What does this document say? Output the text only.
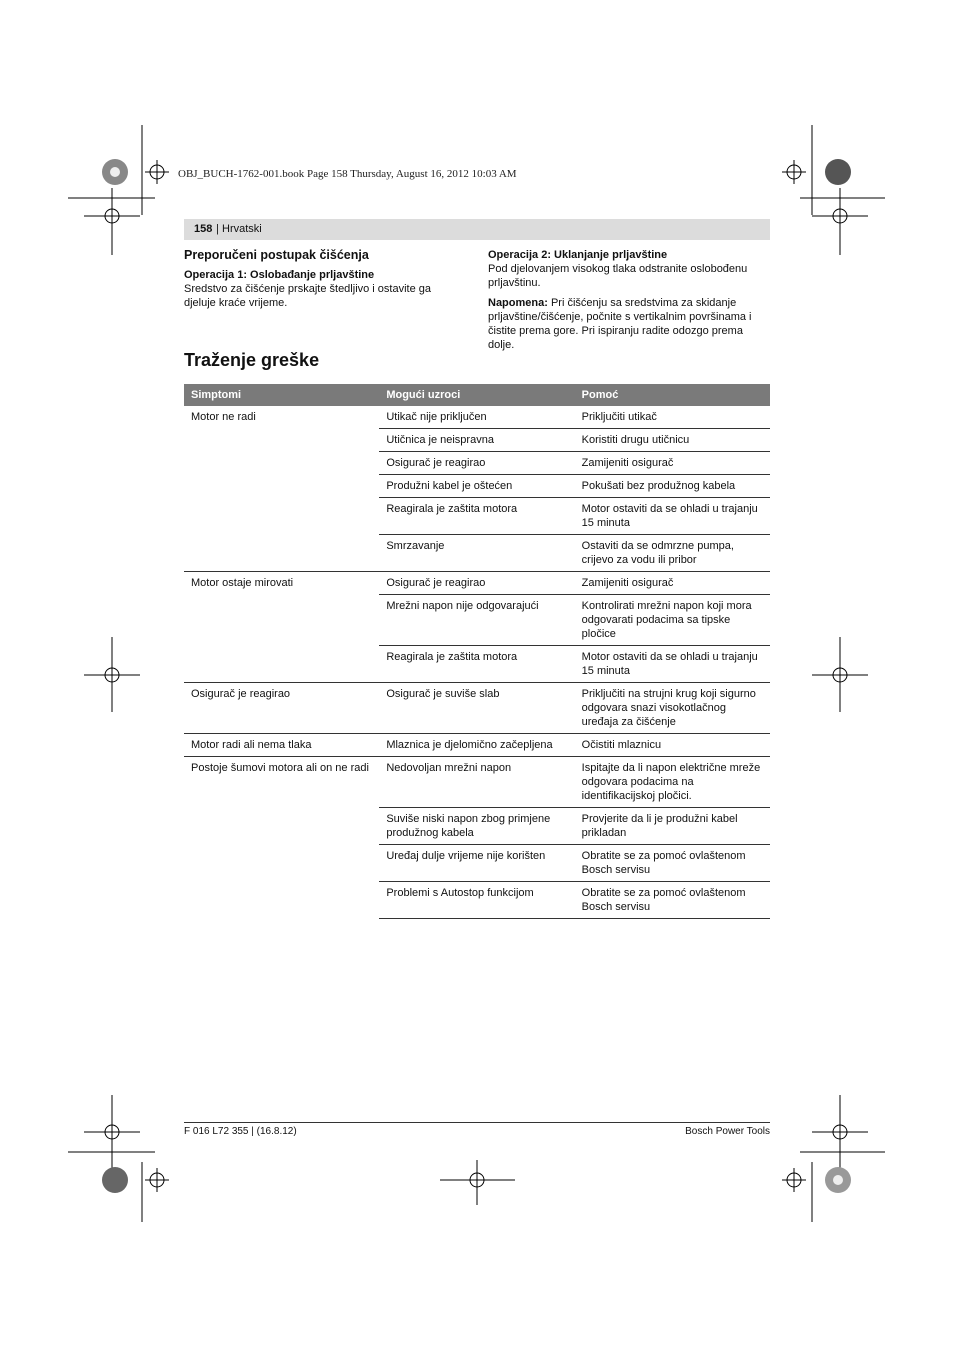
OBJ_BUCH-1762-001.book Page 158 Thursday, August 16, 2012 10:03 AM
158 | Hrvatski
Preporučeni postupak čišćenja
Operacija 1: Oslobađanje prljavštine

Sredstvo za čišćenje prskajte štedljivo i ostavite ga djeluje kraće vrijeme.

Operacija 2: Uklanjanje prljavštine

Pod djelovanjem visokog tlaka odstranite oslobođenu prljavštinu.

Napomena: Pri čišćenju sa sredstvima za skidanje prljavštine/čišćenje, počnite s vertikalnim površinama i čistite prema gore. Pri ispiranju radite odozgo prema dolje.

Traženje greške
Simptomi	Mogući uzroci	Pomoć
Motor ne radi	Utikač nije priključen	Priključiti utikač
	Utičnica je neispravna	Koristiti drugu utičnicu
	Osigurač je reagirao	Zamijeniti osigurač
	Produžni kabel je oštećen	Pokušati bez produžnog kabela
	Reagirala je zaštita motora	Motor ostaviti da se ohladi u trajanju 15 minuta
	Smrzavanje	Ostaviti da se odmrzne pumpa, crijevo za vodu ili pribor
Motor ostaje mirovati	Osigurač je reagirao	Zamijeniti osigurač
	Mrežni napon nije odgovarajući	Kontrolirati mrežni napon koji mora odgovarati podacima sa tipske pločice
	Reagirala je zaštita motora	Motor ostaviti da se ohladi u trajanju 15 minuta
Osigurač je reagirao	Osigurač je suviše slab	Priključiti na strujni krug koji sigurno odgovara snazi visokotlačnog uređaja za čišćenje
Motor radi ali nema tlaka	Mlaznica je djelomično začepljena	Očistiti mlaznicu
Postoje šumovi motora ali on ne radi	Nedovoljan mrežni napon	Ispitajte da li napon električne mreže odgovara podacima na identifikacijskoj pločici.
	Suviše niski napon zbog primjene produžnog kabela	Provjerite da li je produžni kabel prikladan
	Uređaj dulje vrijeme nije korišten	Obratite se za pomoć ovlaštenom Bosch servisu
	Problemi s Autostop funkcijom	Obratite se za pomoć ovlaštenom Bosch servisu
F 016 L72 355 | (16.8.12)	Bosch Power Tools
